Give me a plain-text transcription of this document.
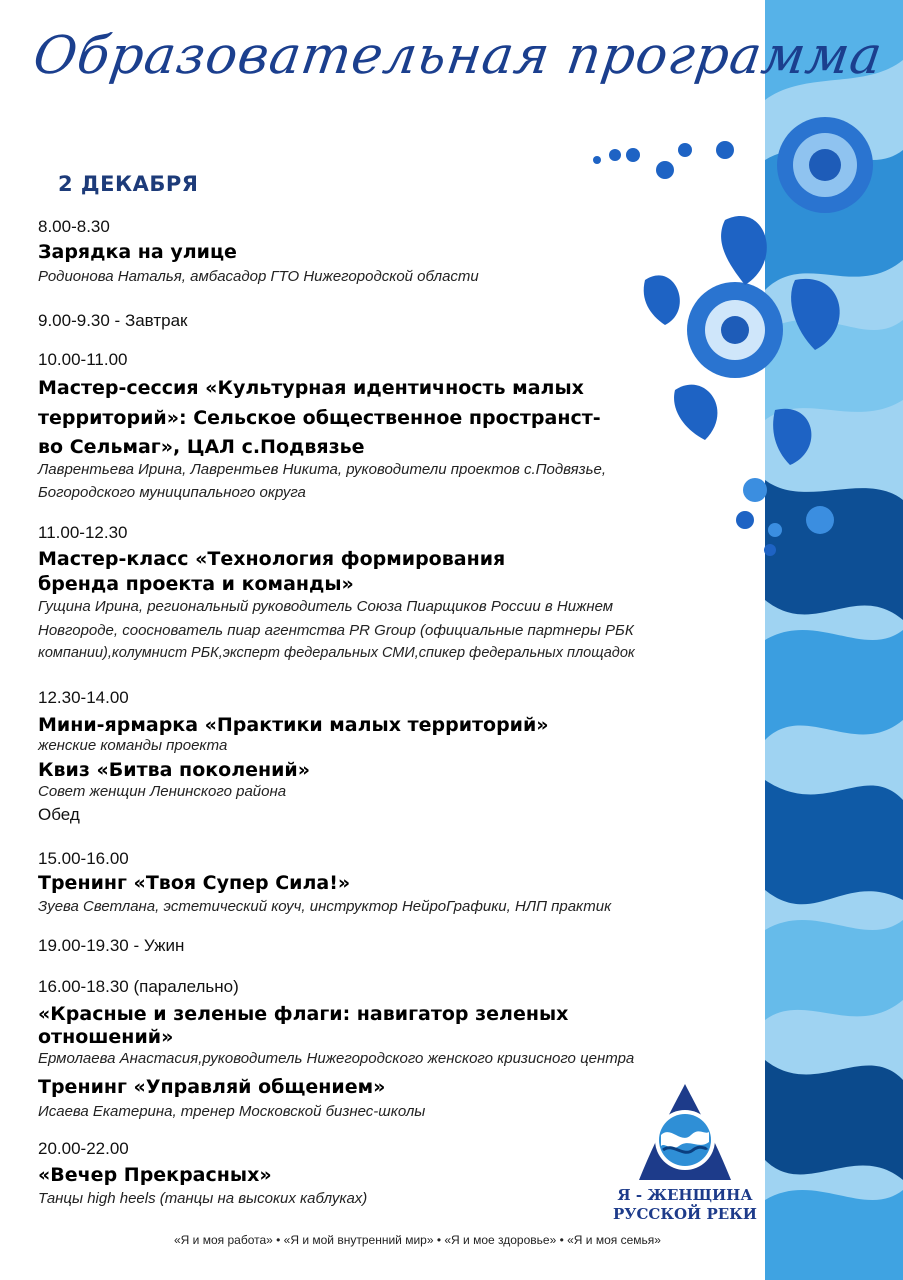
Образовательная программа
2 ДЕКАБРЯ
8.00-8.30
Зарядка на улице
Родионова Наталья, амбасадор ГТО Нижегородской области
9.00-9.30 - Завтрак
10.00-11.00
Мастер-сессия «Культурная идентичность малых
территорий»: Сельское общественное пространст-
во Сельмаг», ЦАЛ с.Подвязье
Лаврентьева Ирина, Лаврентьев Никита, руководители проектов с.Подвязье,
Богородского муниципального округа
11.00-12.30
Мастер-класс «Технология формирования
бренда проекта и команды»
Гущина Ирина, региональный руководитель Союза Пиарщиков России в Нижнем
Новгороде, сооснователь пиар агентства PR Group (официальные партнеры РБК
компании),колумнист РБК,эксперт федеральных СМИ,спикер федеральных площадок
12.30-14.00
Мини-ярмарка «Практики малых территорий»
женские команды проекта
Квиз «Битва поколений»
Совет женщин Ленинского района
Обед
15.00-16.00
Тренинг «Твоя Супер Сила!»
Зуева Светлана, эстетический коуч, инструктор НейроГрафики, НЛП практик
19.00-19.30 - Ужин
16.00-18.30 (паралельно)
«Красные и зеленые флаги: навигатор зеленых
отношений»
Ермолаева Анастасия,руководитель Нижегородского женского кризисного центра
Тренинг «Управляй общением»
Исаева Екатерина, тренер Московской бизнес-школы
20.00-22.00
«Вечер Прекрасных»
Танцы high heels (танцы на высоких каблуках)	Я - ЖЕНЩИНА
РУССКОЙ РЕКИ
«Я и моя работа» • «Я и мой внутренний мир» • «Я и мое здоровье» • «Я и моя семья»
